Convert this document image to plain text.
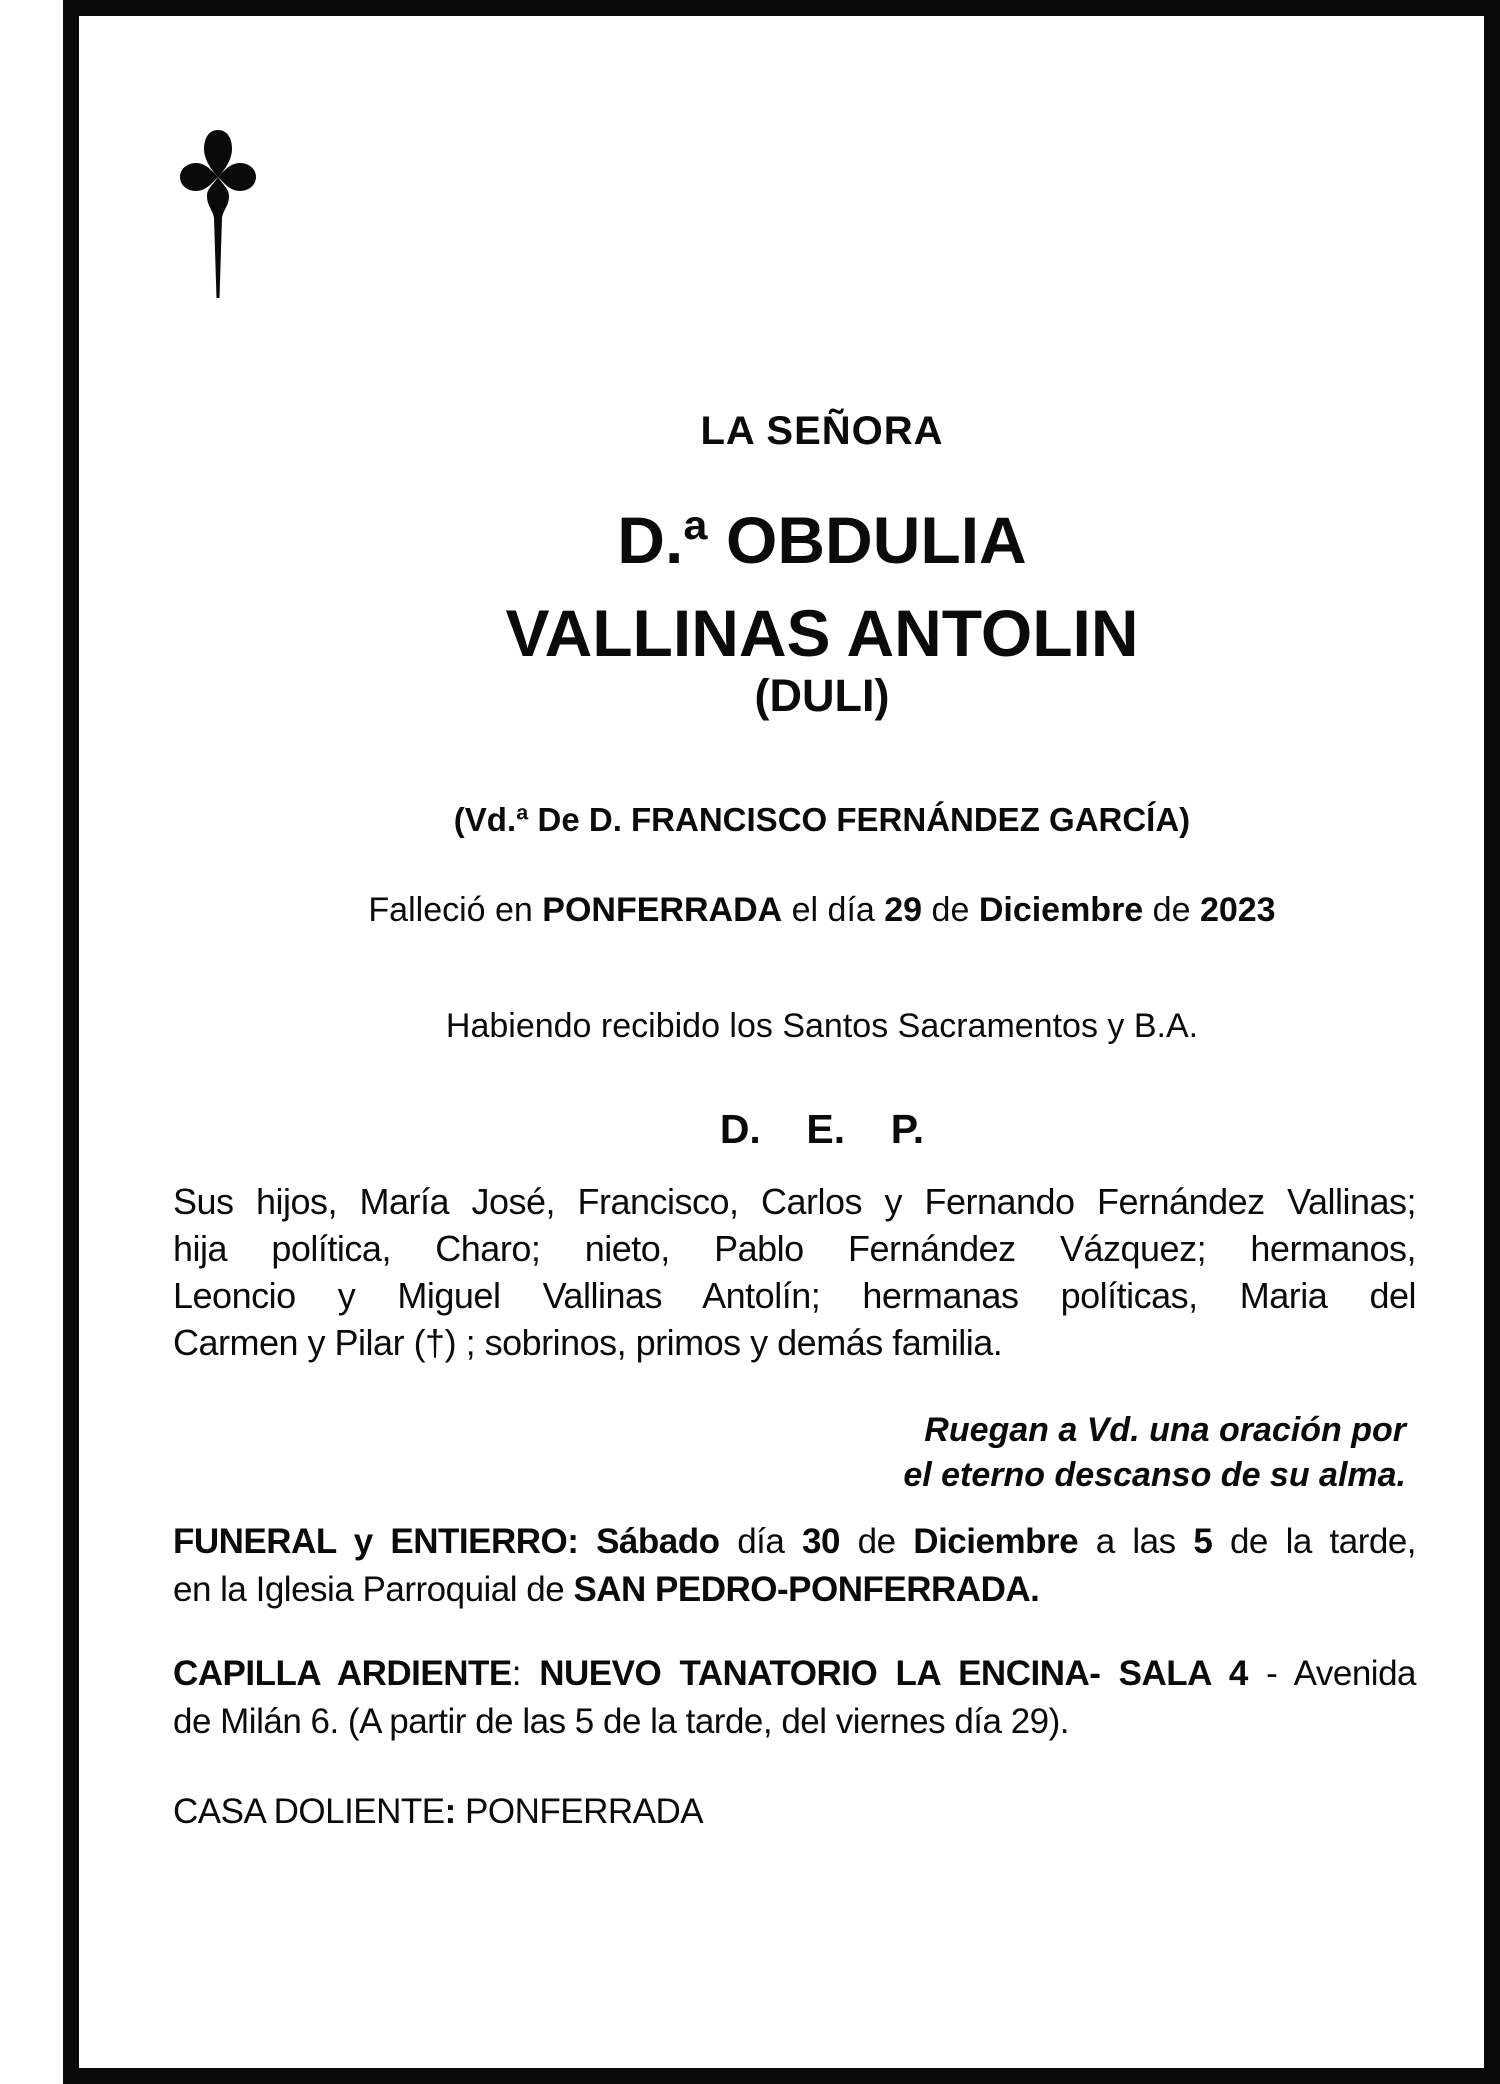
LA SEÑORA
D.ª OBDULIA
VALLINAS ANTOLIN
(DULI)
(Vd.ª De D. FRANCISCO FERNÁNDEZ GARCÍA)
Falleció en PONFERRADA el día 29 de Diciembre de 2023
Habiendo recibido los Santos Sacramentos y B.A.
D.    E.    P.
Sus hijos, María José, Francisco, Carlos y Fernando Fernández Vallinas;
hija política, Charo; nieto, Pablo Fernández Vázquez; hermanos,
Leoncio y Miguel Vallinas Antolín; hermanas políticas, Maria del
Carmen y Pilar (†) ; sobrinos, primos y demás familia.
Ruegan a Vd. una oración por
el eterno descanso de su alma.
FUNERAL y ENTIERRO: Sábado día 30 de Diciembre a las 5 de la tarde,
en la Iglesia Parroquial de SAN PEDRO-PONFERRADA.
CAPILLA ARDIENTE: NUEVO TANATORIO LA ENCINA- SALA 4 - Avenida
de Milán 6. (A partir de las 5 de la tarde, del viernes día 29).
CASA DOLIENTE: PONFERRADA
